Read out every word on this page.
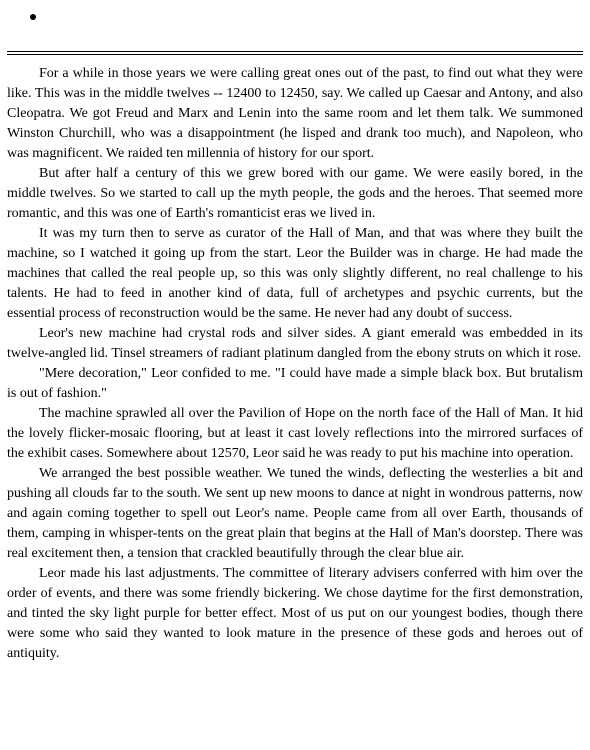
For a while in those years we were calling great ones out of the past, to find out what they were like. This was in the middle twelves -- 12400 to 12450, say. We called up Caesar and Antony, and also Cleopatra. We got Freud and Marx and Lenin into the same room and let them talk. We summoned Winston Churchill, who was a disappointment (he lisped and drank too much), and Napoleon, who was magnificent. We raided ten millennia of history for our sport.

But after half a century of this we grew bored with our game. We were easily bored, in the middle twelves. So we started to call up the myth people, the gods and the heroes. That seemed more romantic, and this was one of Earth's romanticist eras we lived in.

It was my turn then to serve as curator of the Hall of Man, and that was where they built the machine, so I watched it going up from the start. Leor the Builder was in charge. He had made the machines that called the real people up, so this was only slightly different, no real challenge to his talents. He had to feed in another kind of data, full of archetypes and psychic currents, but the essential process of reconstruction would be the same. He never had any doubt of success.

Leor's new machine had crystal rods and silver sides. A giant emerald was embedded in its twelve-angled lid. Tinsel streamers of radiant platinum dangled from the ebony struts on which it rose.

"Mere decoration," Leor confided to me. "I could have made a simple black box. But brutalism is out of fashion."

The machine sprawled all over the Pavilion of Hope on the north face of the Hall of Man. It hid the lovely flicker-mosaic flooring, but at least it cast lovely reflections into the mirrored surfaces of the exhibit cases. Somewhere about 12570, Leor said he was ready to put his machine into operation.

We arranged the best possible weather. We tuned the winds, deflecting the westerlies a bit and pushing all clouds far to the south. We sent up new moons to dance at night in wondrous patterns, now and again coming together to spell out Leor's name. People came from all over Earth, thousands of them, camping in whisper-tents on the great plain that begins at the Hall of Man's doorstep. There was real excitement then, a tension that crackled beautifully through the clear blue air.

Leor made his last adjustments. The committee of literary advisers conferred with him over the order of events, and there was some friendly bickering. We chose daytime for the first demonstration, and tinted the sky light purple for better effect. Most of us put on our youngest bodies, though there were some who said they wanted to look mature in the presence of these gods and heroes out of antiquity.
